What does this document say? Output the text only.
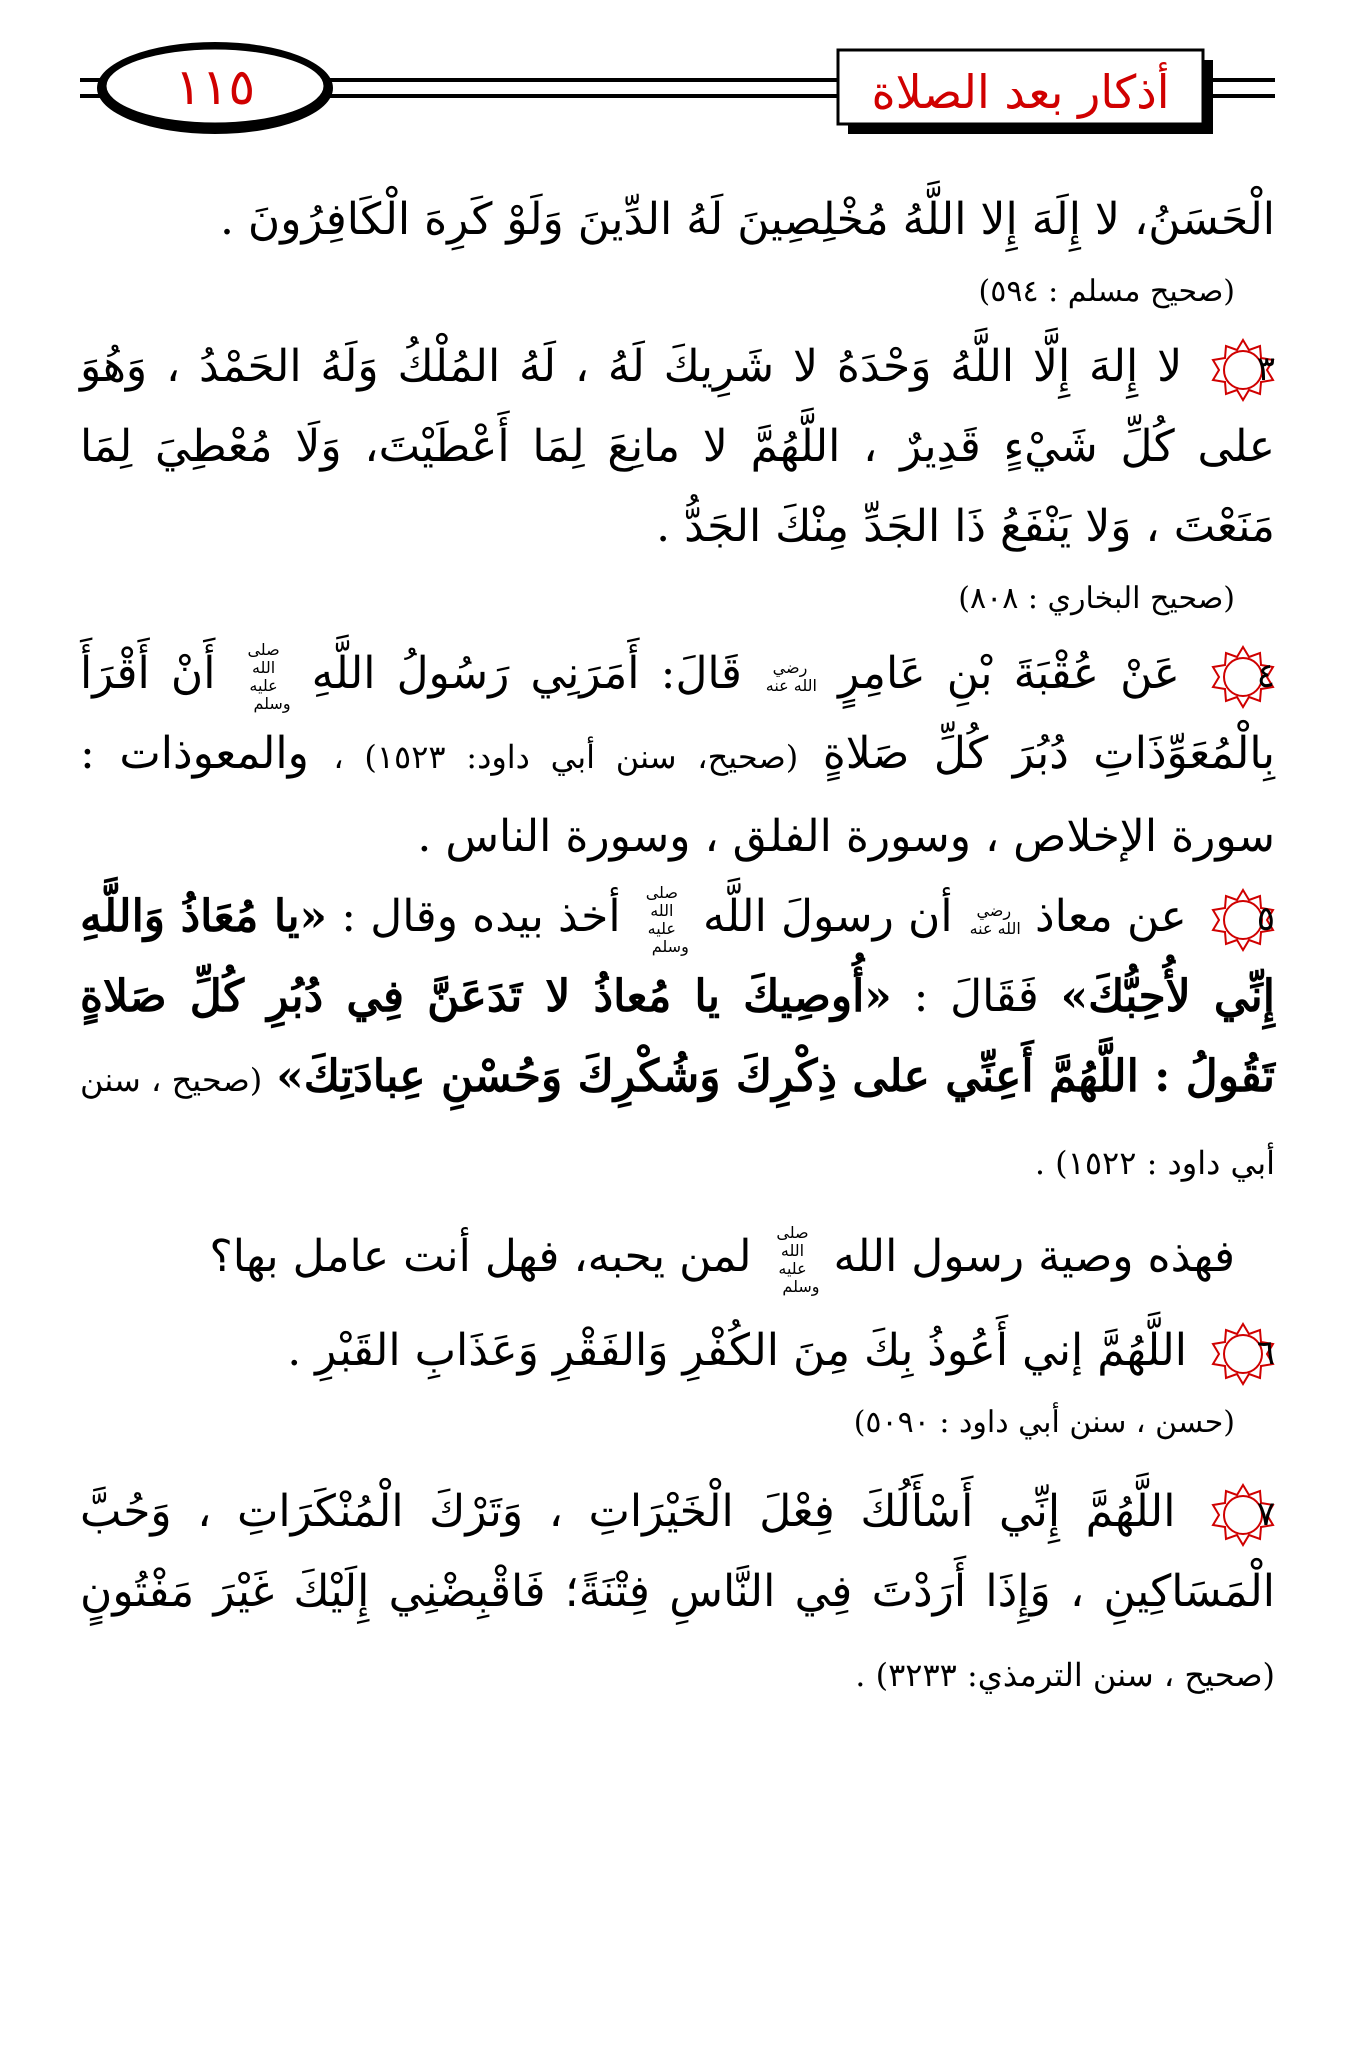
١١٥	أذكار بعد الصلاة

الْحَسَنُ، لا إِلَهَ إِلا اللَّهُ مُخْلِصِينَ لَهُ الدِّينَ وَلَوْ كَرِهَ الْكَافِرُونَ .

(صحيح مسلم : ٥٩٤)

٣
لا إِلهَ إِلَّا اللَّهُ وَحْدَهُ لا شَرِيكَ لَهُ ، لَهُ المُلْكُ وَلَهُ الحَمْدُ ، وَهُوَ على كُلِّ شَيْءٍ قَدِيرٌ ، اللَّهُمَّ لا مانِعَ لِمَا أَعْطَيْتَ، وَلَا مُعْطِيَ لِمَا مَنَعْتَ ، وَلا يَنْفَعُ ذَا الجَدِّ مِنْكَ الجَدُّ .

(صحيح البخاري : ٨٠٨)

٤
عَنْ عُقْبَةَ بْنِ عَامِرٍ رضي الله عنه قَالَ: أَمَرَنِي رَسُولُ اللَّهِ صلى الله عليه وسلم أَنْ أَقْرَأَ بِالْمُعَوِّذَاتِ دُبُرَ كُلِّ صَلاةٍ (صحيح، سنن أبي داود: ١٥٢٣) ، والمعوذات : سورة الإخلاص ، وسورة الفلق ، وسورة الناس .

٥
عن معاذ رضي الله عنه أن رسولَ اللَّه صلى الله عليه وسلم أخذ بيده وقال : «يا مُعَاذُ وَاللَّهِ إِنِّي لأُحِبُّكَ» فَقَالَ : «أُوصِيكَ يا مُعاذُ لا تَدَعَنَّ فِي دُبُرِ كُلِّ صَلاةٍ تَقُولُ : اللَّهُمَّ أَعِنِّي على ذِكْرِكَ وَشُكْرِكَ وَحُسْنِ عِبادَتِكَ» (صحيح ، سنن أبي داود : ١٥٢٢) .

فهذه وصية رسول الله صلى الله عليه وسلم لمن يحبه، فهل أنت عامل بها؟

٦
اللَّهُمَّ إني أَعُوذُ بِكَ مِنَ الكُفْرِ وَالفَقْرِ وَعَذَابِ القَبْرِ .

(حسن ، سنن أبي داود : ٥٠٩٠)

٧
اللَّهُمَّ إِنِّي أَسْأَلُكَ فِعْلَ الْخَيْرَاتِ ، وَتَرْكَ الْمُنْكَرَاتِ ، وَحُبَّ الْمَسَاكِينِ ، وَإِذَا أَرَدْتَ فِي النَّاسِ فِتْنَةً؛ فَاقْبِضْنِي إِلَيْكَ غَيْرَ مَفْتُونٍ (صحيح ، سنن الترمذي: ٣٢٣٣) .
